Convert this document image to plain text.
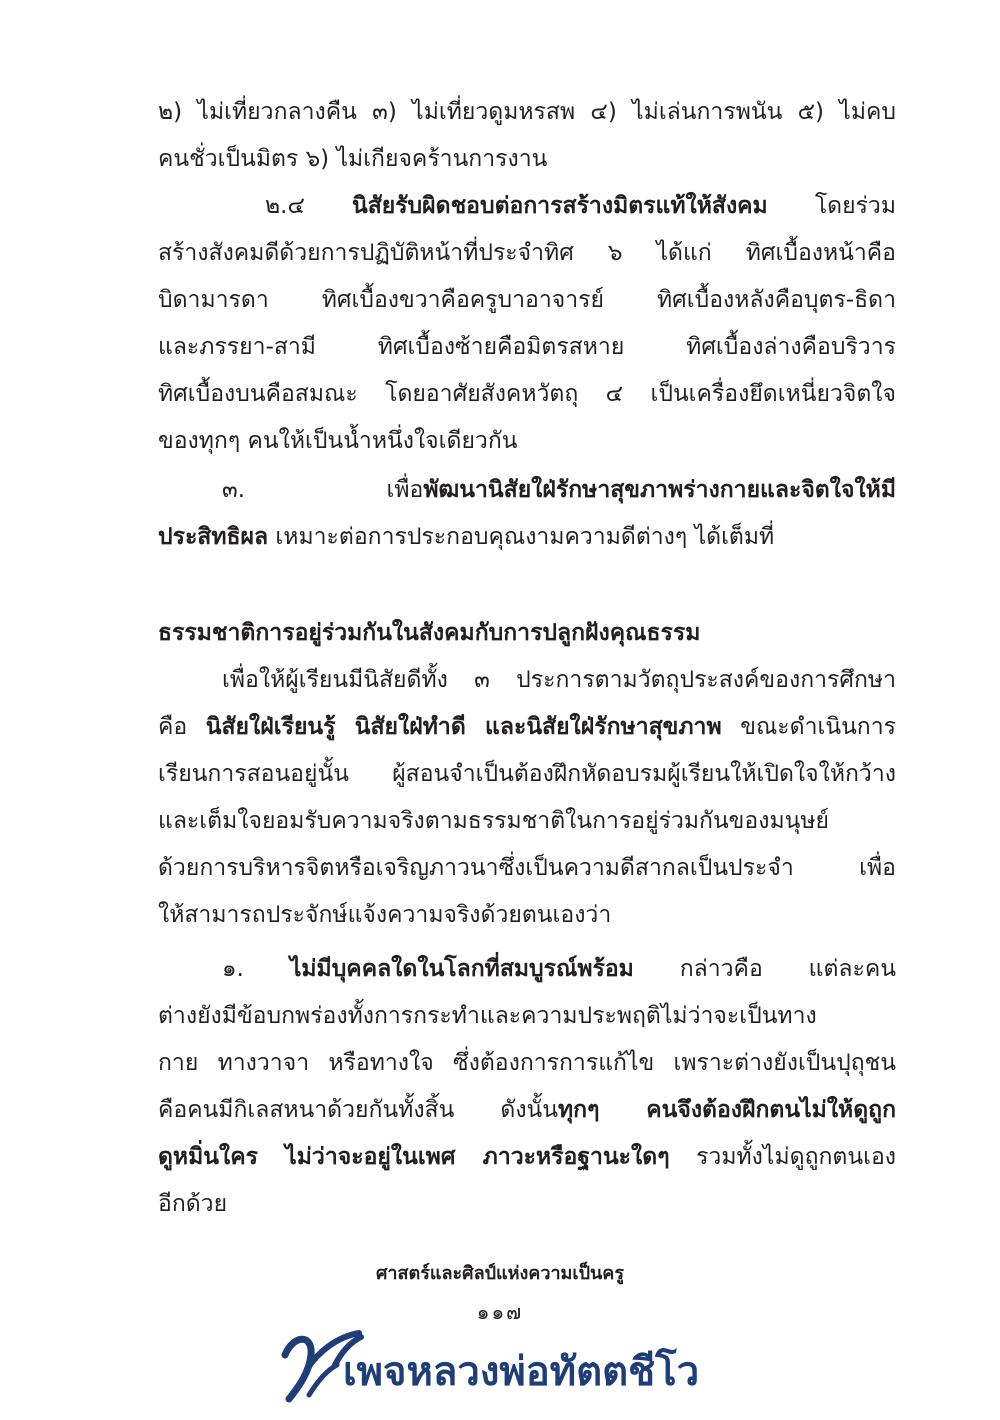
๒) ไม่เที่ยวกลางคืน ๓) ไม่เที่ยวดูมหรสพ ๔) ไม่เล่นการพนัน ๕) ไม่คบ
คนชั่วเป็นมิตร ๖) ไม่เกียจคร้านการงาน
๒.๔ นิสัยรับผิดชอบต่อการสร้างมิตรแท้ให้สังคม โดยร่วม
สร้างสังคมดีด้วยการปฏิบัติหน้าที่ประจำทิศ ๖ ได้แก่ ทิศเบื้องหน้าคือ
บิดามารดา ทิศเบื้องขวาคือครูบาอาจารย์ ทิศเบื้องหลังคือบุตร-ธิดา
และภรรยา-สามี ทิศเบื้องซ้ายคือมิตรสหาย ทิศเบื้องล่างคือบริวาร
ทิศเบื้องบนคือสมณะ โดยอาศัยสังคหวัตถุ ๔ เป็นเครื่องยึดเหนี่ยวจิตใจ
ของทุกๆ คนให้เป็นน้ำหนึ่งใจเดียวกัน
๓. เพื่อพัฒนานิสัยใฝ่รักษาสุขภาพร่างกายและจิตใจให้มี
ประสิทธิผล เหมาะต่อการประกอบคุณงามความดีต่างๆ ได้เต็มที่
ธรรมชาติการอยู่ร่วมกันในสังคมกับการปลูกฝังคุณธรรม
เพื่อให้ผู้เรียนมีนิสัยดีทั้ง ๓ ประการตามวัตถุประสงค์ของการศึกษา
คือ นิสัยใฝ่เรียนรู้ นิสัยใฝ่ทำดี และนิสัยใฝ่รักษาสุขภาพ ขณะดำเนินการ
เรียนการสอนอยู่นั้น ผู้สอนจำเป็นต้องฝึกหัดอบรมผู้เรียนให้เปิดใจให้กว้าง
และเต็มใจยอมรับความจริงตามธรรมชาติในการอยู่ร่วมกันของมนุษย์
ด้วยการบริหารจิตหรือเจริญภาวนาซึ่งเป็นความดีสากลเป็นประจำ เพื่อ
ให้สามารถประจักษ์แจ้งความจริงด้วยตนเองว่า
๑. ไม่มีบุคคลใดในโลกที่สมบูรณ์พร้อม กล่าวคือ แต่ละคน
ต่างยังมีข้อบกพร่องทั้งการกระทำและความประพฤติไม่ว่าจะเป็นทาง
กาย ทางวาจา หรือทางใจ ซึ่งต้องการการแก้ไข เพราะต่างยังเป็นปุถุชน
คือคนมีกิเลสหนาด้วยกันทั้งสิ้น ดังนั้นทุกๆ คนจึงต้องฝึกตนไม่ให้ดูถูก
ดูหมิ่นใคร ไม่ว่าจะอยู่ในเพศ ภาวะหรือฐานะใดๆ รวมทั้งไม่ดูถูกตนเอง
อีกด้วย
ศาสตร์และศิลป์แห่งความเป็นครู
๑๑๗
เพจหลวงพ่อทัตตชีโว
